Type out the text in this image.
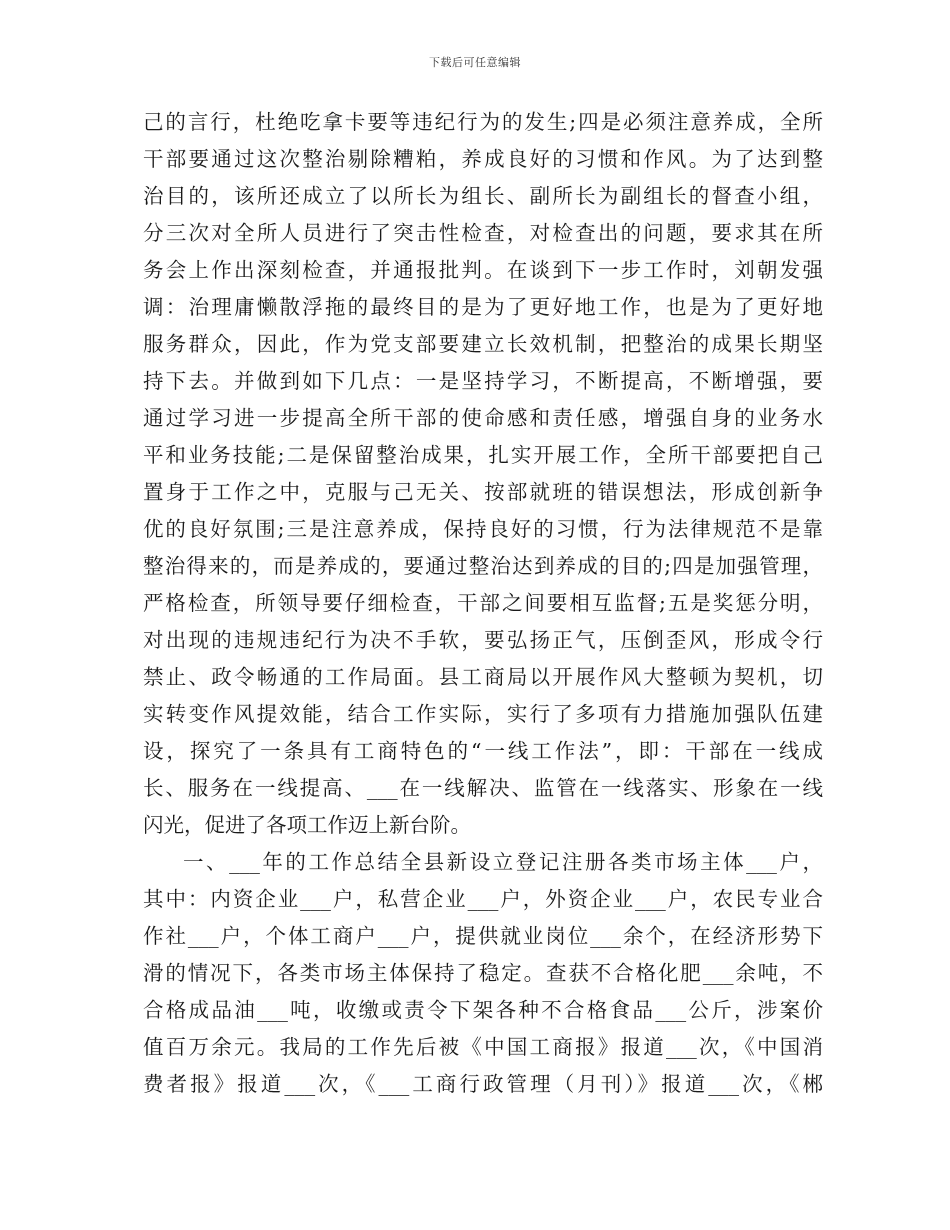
下载后可任意编辑
己的言行，杜绝吃拿卡要等违纪行为的发生;四是必须注意养成，全所
干部要通过这次整治剔除糟粕，养成良好的习惯和作风。为了达到整
治目的，该所还成立了以所长为组长、副所长为副组长的督查小组，
分三次对全所人员进行了突击性检查，对检查出的问题，要求其在所
务会上作出深刻检查，并通报批判。在谈到下一步工作时，刘朝发强
调：治理庸懒散浮拖的最终目的是为了更好地工作，也是为了更好地
服务群众，因此，作为党支部要建立长效机制，把整治的成果长期坚
持下去。并做到如下几点：一是坚持学习，不断提高，不断增强，要
通过学习进一步提高全所干部的使命感和责任感，增强自身的业务水
平和业务技能;二是保留整治成果，扎实开展工作，全所干部要把自己
置身于工作之中，克服与己无关、按部就班的错误想法，形成创新争
优的良好氛围;三是注意养成，保持良好的习惯，行为法律规范不是靠
整治得来的，而是养成的，要通过整治达到养成的目的;四是加强管理，
严格检查，所领导要仔细检查，干部之间要相互监督;五是奖惩分明，
对出现的违规违纪行为决不手软，要弘扬正气，压倒歪风，形成令行
禁止、政令畅通的工作局面。县工商局以开展作风大整顿为契机，切
实转变作风提效能，结合工作实际，实行了多项有力措施加强队伍建
设，探究了一条具有工商特色的“一线工作法”，即：干部在一线成
长、服务在一线提高、___在一线解决、监管在一线落实、形象在一线
闪光，促进了各项工作迈上新台阶。
一、___年的工作总结全县新设立登记注册各类市场主体___户，
其中：内资企业___户，私营企业___户，外资企业___户，农民专业合
作社___户，个体工商户___户，提供就业岗位___余个，在经济形势下
滑的情况下，各类市场主体保持了稳定。查获不合格化肥___余吨，不
合格成品油___吨，收缴或责令下架各种不合格食品___公斤，涉案价
值百万余元。我局的工作先后被《中国工商报》报道___次，《中国消
费者报》报道___次，《___工商行政管理（月刊）》报道___次，《郴
